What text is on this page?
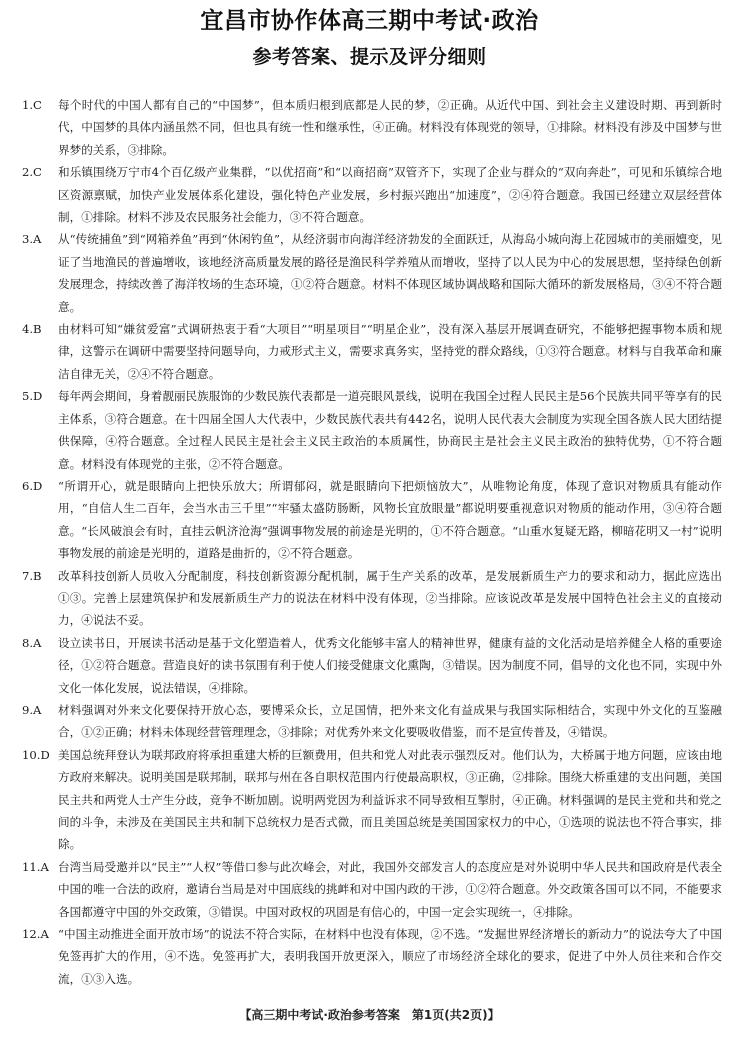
宜昌市协作体高三期中考试·政治
参考答案、提示及评分细则
1.C	每个时代的中国人都有自己的“中国梦”，但本质归根到底都是人民的梦，②正确。从近代中国、到社会主义建设时期、再到新时代，中国梦的具体内涵虽然不同，但也具有统一性和继承性，④正确。材料没有体现党的领导，①排除。材料没有涉及中国梦与世界梦的关系，③排除。
2.C	和乐镇围绕万宁市4个百亿级产业集群，“以优招商”和“以商招商”双管齐下，实现了企业与群众的“双向奔赴”，可见和乐镇综合地区资源禀赋，加快产业发展体系化建设，强化特色产业发展，乡村振兴跑出“加速度”，②④符合题意。我国已经建立双层经营体制，①排除。材料不涉及农民服务社会能力，③不符合题意。
3.A	从“传统捕鱼”到“网箱养鱼”再到“休闲钓鱼”，从经济弱市向海洋经济勃发的全面跃迁，从海岛小城向海上花园城市的美丽嬗变，见证了当地渔民的普遍增收，该地经济高质量发展的路径是渔民科学养殖从而增收，坚持了以人民为中心的发展思想，坚持绿色创新发展理念，持续改善了海洋牧场的生态环境，①②符合题意。材料不体现区域协调战略和国际大循环的新发展格局，③④不符合题意。
4.B	由材料可知“嫌贫爱富”式调研热衷于看“大项目”“明星项目”“明星企业”，没有深入基层开展调查研究，不能够把握事物本质和规律，这警示在调研中需要坚持问题导向，力戒形式主义，需要求真务实，坚持党的群众路线，①③符合题意。材料与自我革命和廉洁自律无关，②④不符合题意。
5.D	每年两会期间，身着靓丽民族服饰的少数民族代表都是一道亮眼风景线，说明在我国全过程人民民主是56个民族共同平等享有的民主体系，③符合题意。在十四届全国人大代表中，少数民族代表共有442名，说明人民代表大会制度为实现全国各族人民大团结提供保障，④符合题意。全过程人民民主是社会主义民主政治的本质属性，协商民主是社会主义民主政治的独特优势，①不符合题意。材料没有体现党的主张，②不符合题意。
6.D	“所谓开心，就是眼睛向上把快乐放大；所谓郁闷，就是眼睛向下把烦恼放大”，从唯物论角度，体现了意识对物质具有能动作用，“自信人生二百年，会当水击三千里”“牢骚太盛防肠断，风物长宜放眼量”都说明要重视意识对物质的能动作用，③④符合题意。“长风破浪会有时，直挂云帆济沧海”强调事物发展的前途是光明的，①不符合题意。“山重水复疑无路，柳暗花明又一村”说明事物发展的前途是光明的，道路是曲折的，②不符合题意。
7.B	改革科技创新人员收入分配制度，科技创新资源分配机制，属于生产关系的改革，是发展新质生产力的要求和动力，据此应选出①③。完善上层建筑保护和发展新质生产力的说法在材料中没有体现，②当排除。应该说改革是发展中国特色社会主义的直接动力，④说法不妥。
8.A	设立读书日，开展读书活动是基于文化塑造着人，优秀文化能够丰富人的精神世界，健康有益的文化活动是培养健全人格的重要途径，①②符合题意。营造良好的读书氛围有利于使人们接受健康文化熏陶，③错误。因为制度不同，倡导的文化也不同，实现中外文化一体化发展，说法错误，④排除。
9.A	材料强调对外来文化要保持开放心态，要博采众长，立足国情，把外来文化有益成果与我国实际相结合，实现中外文化的互鉴融合，①②正确；材料未体现经营管理理念，③排除；对优秀外来文化要吸收借鉴，而不是宣传普及，④错误。
10.D 美国总统拜登认为联邦政府将承担重建大桥的巨额费用，但共和党人对此表示强烈反对。他们认为，大桥属于地方问题，应该由地方政府来解决。说明美国是联邦制，联邦与州在各自职权范围内行使最高职权，③正确，②排除。围绕大桥重建的支出问题，美国民主共和两党人士产生分歧，竞争不断加剧。说明两党因为利益诉求不同导致相互掣肘，④正确。材料强调的是民主党和共和党之间的斗争，未涉及在美国民主共和制下总统权力是否式微，而且美国总统是美国国家权力的中心，①选项的说法也不符合事实，排除。
11.A 台湾当局受邀并以“民主”“人权”等借口参与此次峰会，对此，我国外交部发言人的态度应是对外说明中华人民共和国政府是代表全中国的唯一合法的政府，邀请台当局是对中国底线的挑衅和对中国内政的干涉，①②符合题意。外交政策各国可以不同，不能要求各国都遵守中国的外交政策，③错误。中国对政权的巩固是有信心的，中国一定会实现统一，④排除。
12.A “中国主动推进全面开放市场”的说法不符合实际，在材料中也没有体现，②不选。“发掘世界经济增长的新动力”的说法夸大了中国免签再扩大的作用，④不选。免签再扩大，表明我国开放更深入，顺应了市场经济全球化的要求，促进了中外人员往来和合作交流，①③入选。
【高三期中考试·政治参考答案　第1页(共2页)】
